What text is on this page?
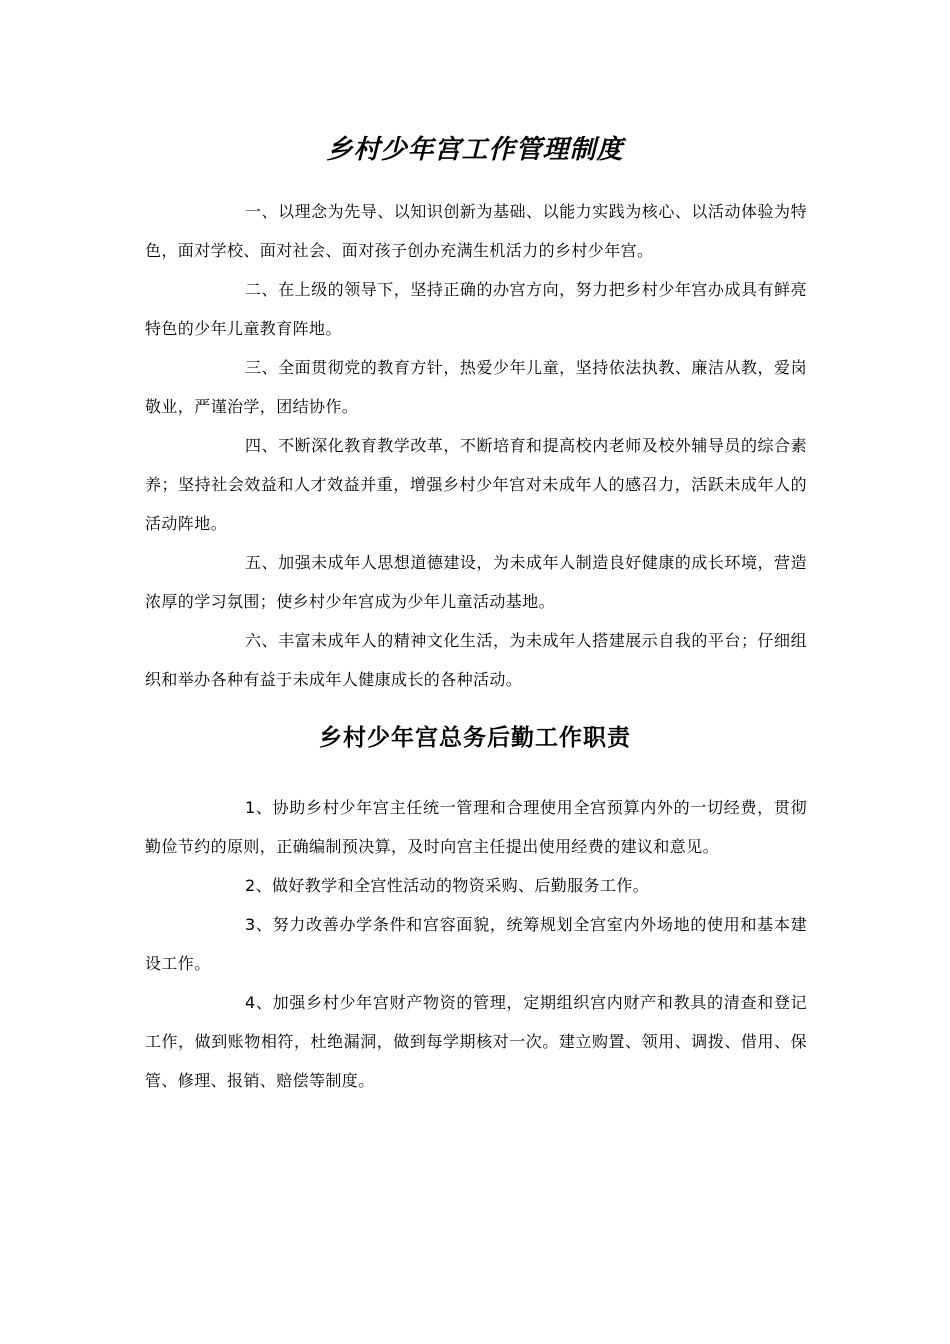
乡村少年宫工作管理制度

一、以理念为先导、以知识创新为基础、以能力实践为核心、以活动体验为特色，面对学校、面对社会、面对孩子创办充满生机活力的乡村少年宫。

二、在上级的领导下，坚持正确的办宫方向，努力把乡村少年宫办成具有鲜亮特色的少年儿童教育阵地。

三、全面贯彻党的教育方针，热爱少年儿童，坚持依法执教、廉洁从教，爱岗敬业，严谨治学，团结协作。

四、不断深化教育教学改革，不断培育和提高校内老师及校外辅导员的综合素养；坚持社会效益和人才效益并重，增强乡村少年宫对未成年人的感召力，活跃未成年人的活动阵地。

五、加强未成年人思想道德建设，为未成年人制造良好健康的成长环境，营造浓厚的学习氛围；使乡村少年宫成为少年儿童活动基地。

六、丰富未成年人的精神文化生活，为未成年人搭建展示自我的平台；仔细组织和举办各种有益于未成年人健康成长的各种活动。

乡村少年宫总务后勤工作职责

1、协助乡村少年宫主任统一管理和合理使用全宫预算内外的一切经费，贯彻勤俭节约的原则，正确编制预决算，及时向宫主任提出使用经费的建议和意见。

2、做好教学和全宫性活动的物资采购、后勤服务工作。

3、努力改善办学条件和宫容面貌，统筹规划全宫室内外场地的使用和基本建设工作。

4、加强乡村少年宫财产物资的管理，定期组织宫内财产和教具的清查和登记工作，做到账物相符，杜绝漏洞，做到每学期核对一次。建立购置、领用、调拨、借用、保管、修理、报销、赔偿等制度。
